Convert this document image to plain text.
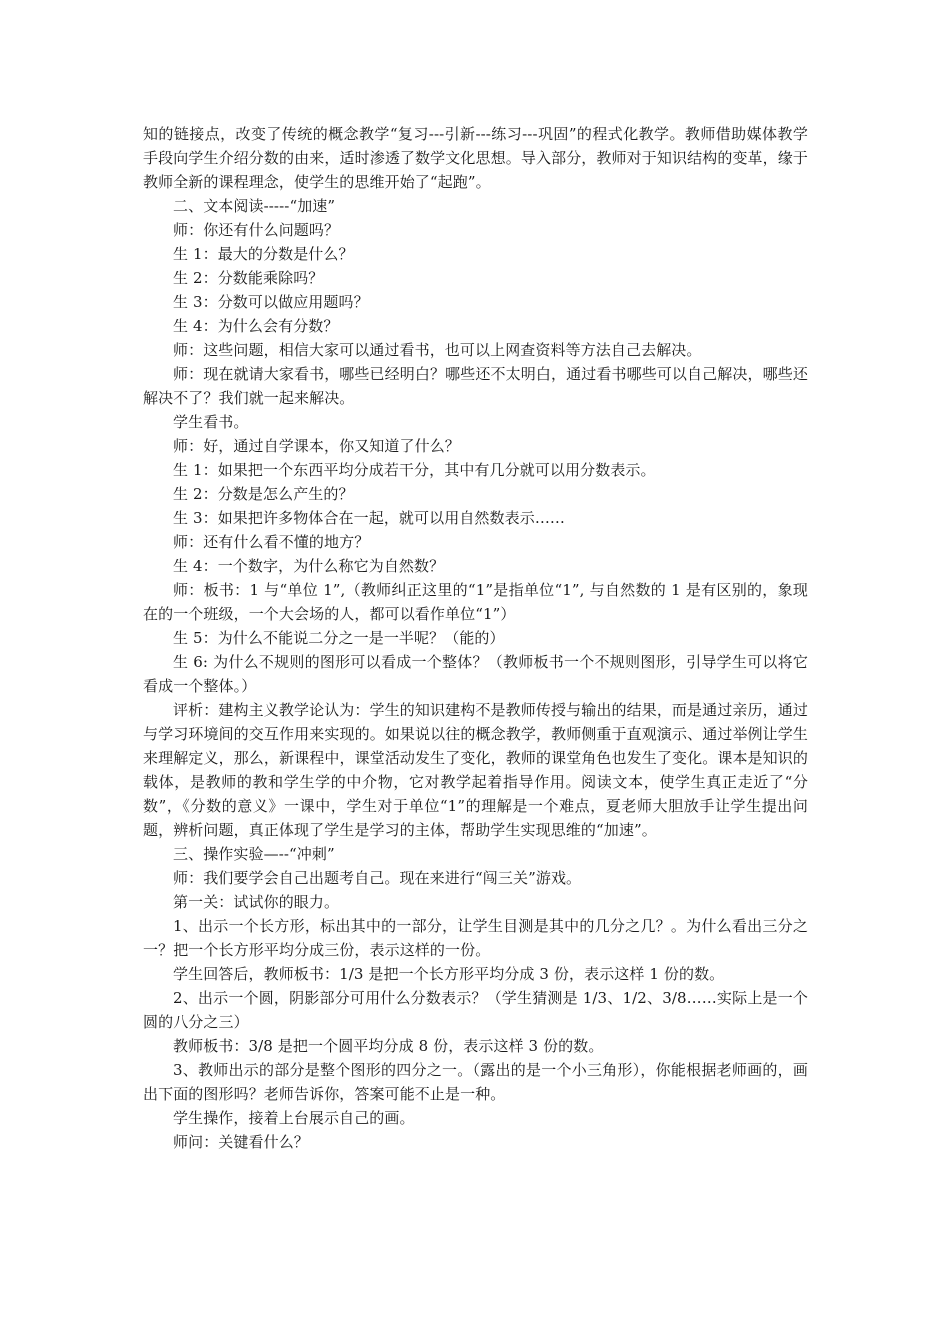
知的链接点，改变了传统的概念教学“复习---引新---练习---巩固”的程式化教学。教师借助媒体教学手段向学生介绍分数的由来，适时渗透了数学文化思想。导入部分，教师对于知识结构的变革，缘于教师全新的课程理念，使学生的思维开始了“起跑”。

二、文本阅读-----“加速”

师：你还有什么问题吗？

生 1：最大的分数是什么？

生 2：分数能乘除吗？

生 3：分数可以做应用题吗？

生 4：为什么会有分数？

师：这些问题，相信大家可以通过看书，也可以上网查资料等方法自己去解决。

师：现在就请大家看书，哪些已经明白？哪些还不太明白，通过看书哪些可以自己解决，哪些还解决不了？我们就一起来解决。

学生看书。

师：好，通过自学课本，你又知道了什么？

生 1：如果把一个东西平均分成若干分，其中有几分就可以用分数表示。

生 2：分数是怎么产生的？

生 3：如果把许多物体合在一起，就可以用自然数表示……

师：还有什么看不懂的地方？

生 4：一个数字，为什么称它为自然数？

师：板书：1 与“单位 1”,（教师纠正这里的“1”是指单位“1”, 与自然数的 1 是有区别的，象现在的一个班级，一个大会场的人，都可以看作单位“1”）

生 5：为什么不能说二分之一是一半呢？（能的）

生 6: 为什么不规则的图形可以看成一个整体？（教师板书一个不规则图形，引导学生可以将它看成一个整体。）

评析：建构主义教学论认为：学生的知识建构不是教师传授与输出的结果，而是通过亲历，通过与学习环境间的交互作用来实现的。如果说以往的概念教学，教师侧重于直观演示、通过举例让学生来理解定义，那么，新课程中，课堂活动发生了变化，教师的课堂角色也发生了变化。课本是知识的载体，是教师的教和学生学的中介物，它对教学起着指导作用。阅读文本，使学生真正走近了“分数”，《分数的意义》一课中，学生对于单位“1”的理解是一个难点，夏老师大胆放手让学生提出问题，辨析问题，真正体现了学生是学习的主体，帮助学生实现思维的“加速”。

三、操作实验—--“冲刺”

师：我们要学会自己出题考自己。现在来进行“闯三关”游戏。

第一关：试试你的眼力。

1、出示一个长方形，标出其中的一部分，让学生目测是其中的几分之几？。为什么看出三分之一？把一个长方形平均分成三份，表示这样的一份。

学生回答后，教师板书：1/3 是把一个长方形平均分成 3 份，表示这样 1 份的数。

2、出示一个圆，阴影部分可用什么分数表示？（学生猜测是 1/3、1/2、3/8……实际上是一个圆的八分之三）

教师板书：3/8 是把一个圆平均分成 8 份，表示这样 3 份的数。

3、教师出示的部分是整个图形的四分之一。（露出的是一个小三角形），你能根据老师画的，画出下面的图形吗？老师告诉你，答案可能不止是一种。

学生操作，接着上台展示自己的画。

师问：关键看什么？
